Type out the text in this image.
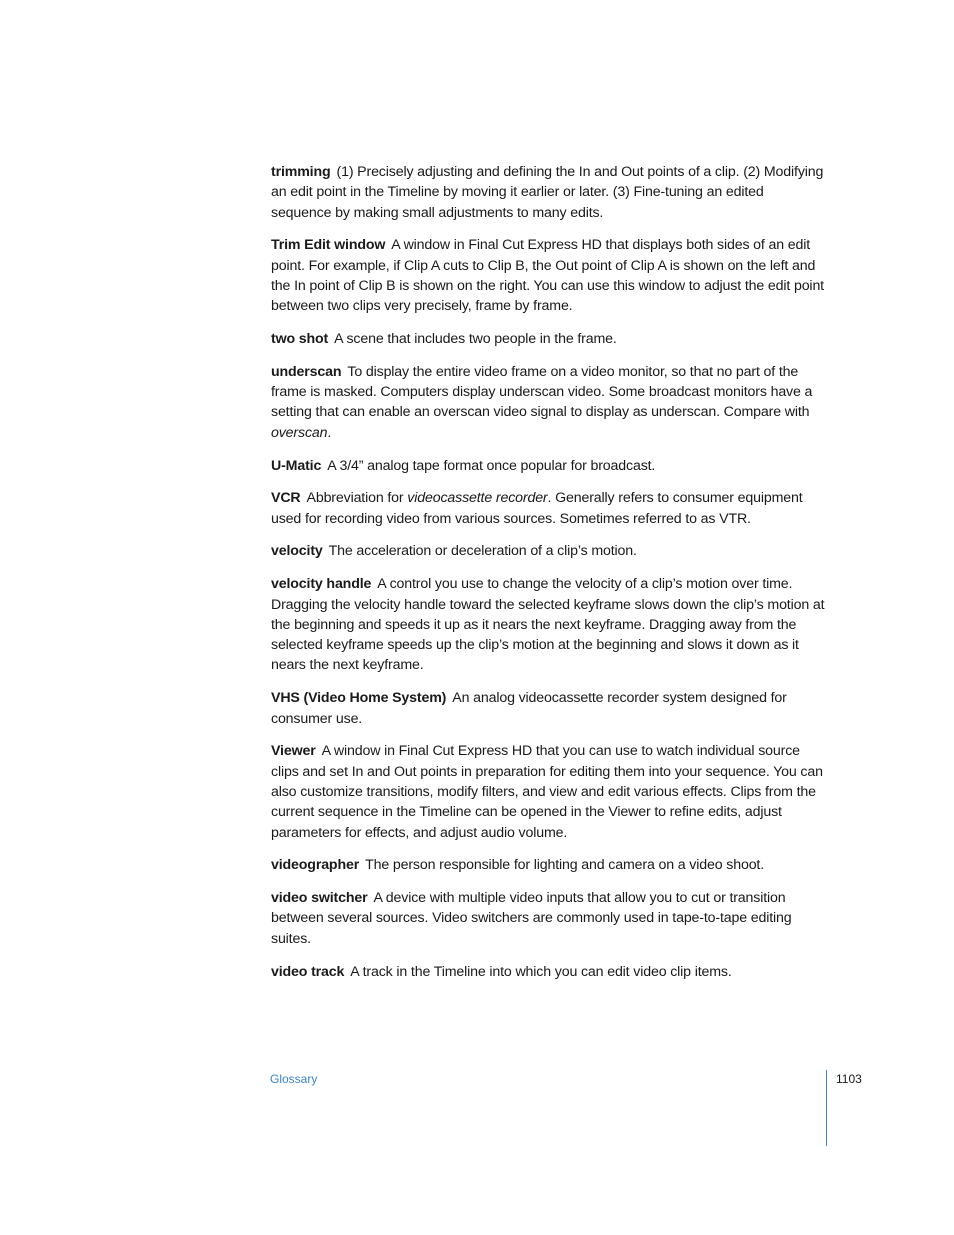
trimming (1) Precisely adjusting and defining the In and Out points of a clip. (2) Modifying an edit point in the Timeline by moving it earlier or later. (3) Fine-tuning an edited sequence by making small adjustments to many edits.

Trim Edit window A window in Final Cut Express HD that displays both sides of an edit point. For example, if Clip A cuts to Clip B, the Out point of Clip A is shown on the left and the In point of Clip B is shown on the right. You can use this window to adjust the edit point between two clips very precisely, frame by frame.

two shot A scene that includes two people in the frame.

underscan To display the entire video frame on a video monitor, so that no part of the frame is masked. Computers display underscan video. Some broadcast monitors have a setting that can enable an overscan video signal to display as underscan. Compare with overscan.

U-Matic A 3/4” analog tape format once popular for broadcast.

VCR Abbreviation for videocassette recorder. Generally refers to consumer equipment used for recording video from various sources. Sometimes referred to as VTR.

velocity The acceleration or deceleration of a clip’s motion.

velocity handle A control you use to change the velocity of a clip’s motion over time. Dragging the velocity handle toward the selected keyframe slows down the clip’s motion at the beginning and speeds it up as it nears the next keyframe. Dragging away from the selected keyframe speeds up the clip’s motion at the beginning and slows it down as it nears the next keyframe.

VHS (Video Home System) An analog videocassette recorder system designed for consumer use.

Viewer A window in Final Cut Express HD that you can use to watch individual source clips and set In and Out points in preparation for editing them into your sequence. You can also customize transitions, modify filters, and view and edit various effects. Clips from the current sequence in the Timeline can be opened in the Viewer to refine edits, adjust parameters for effects, and adjust audio volume.

videographer The person responsible for lighting and camera on a video shoot.

video switcher A device with multiple video inputs that allow you to cut or transition between several sources. Video switchers are commonly used in tape-to-tape editing suites.

video track A track in the Timeline into which you can edit video clip items.

Glossary	1103
